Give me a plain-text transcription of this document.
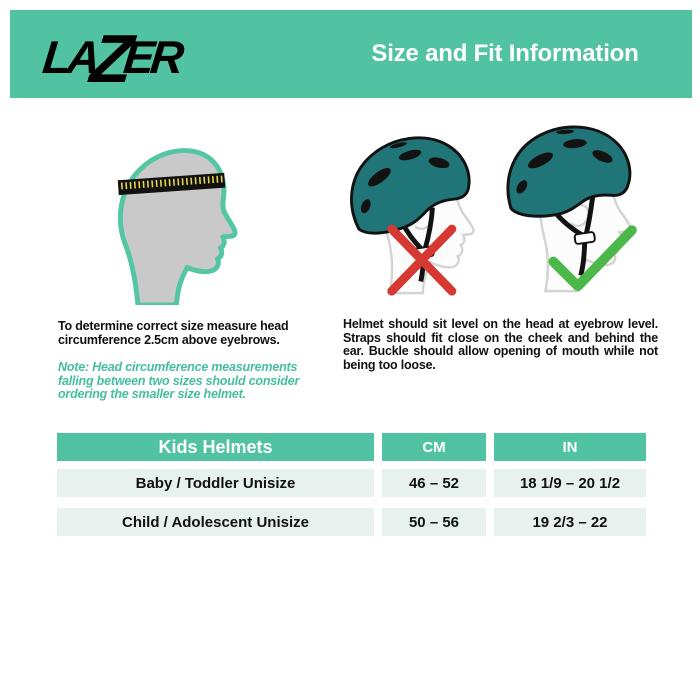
LAZER	Size and Fit Information

To determine correct size measure head circumference 2.5cm above eyebrows.

Note: Head circumference measurements falling between two sizes should consider ordering the smaller size helmet.

Helmet should sit level on the head at eyebrow level. Straps should fit close on the cheek and behind the ear. Buckle should allow opening of mouth while not being too loose.

Kids Helmets	CM	IN
Baby / Toddler Unisize	46 – 52	18 1/9 – 20 1/2
Child / Adolescent Unisize	50 – 56	19 2/3 – 22
